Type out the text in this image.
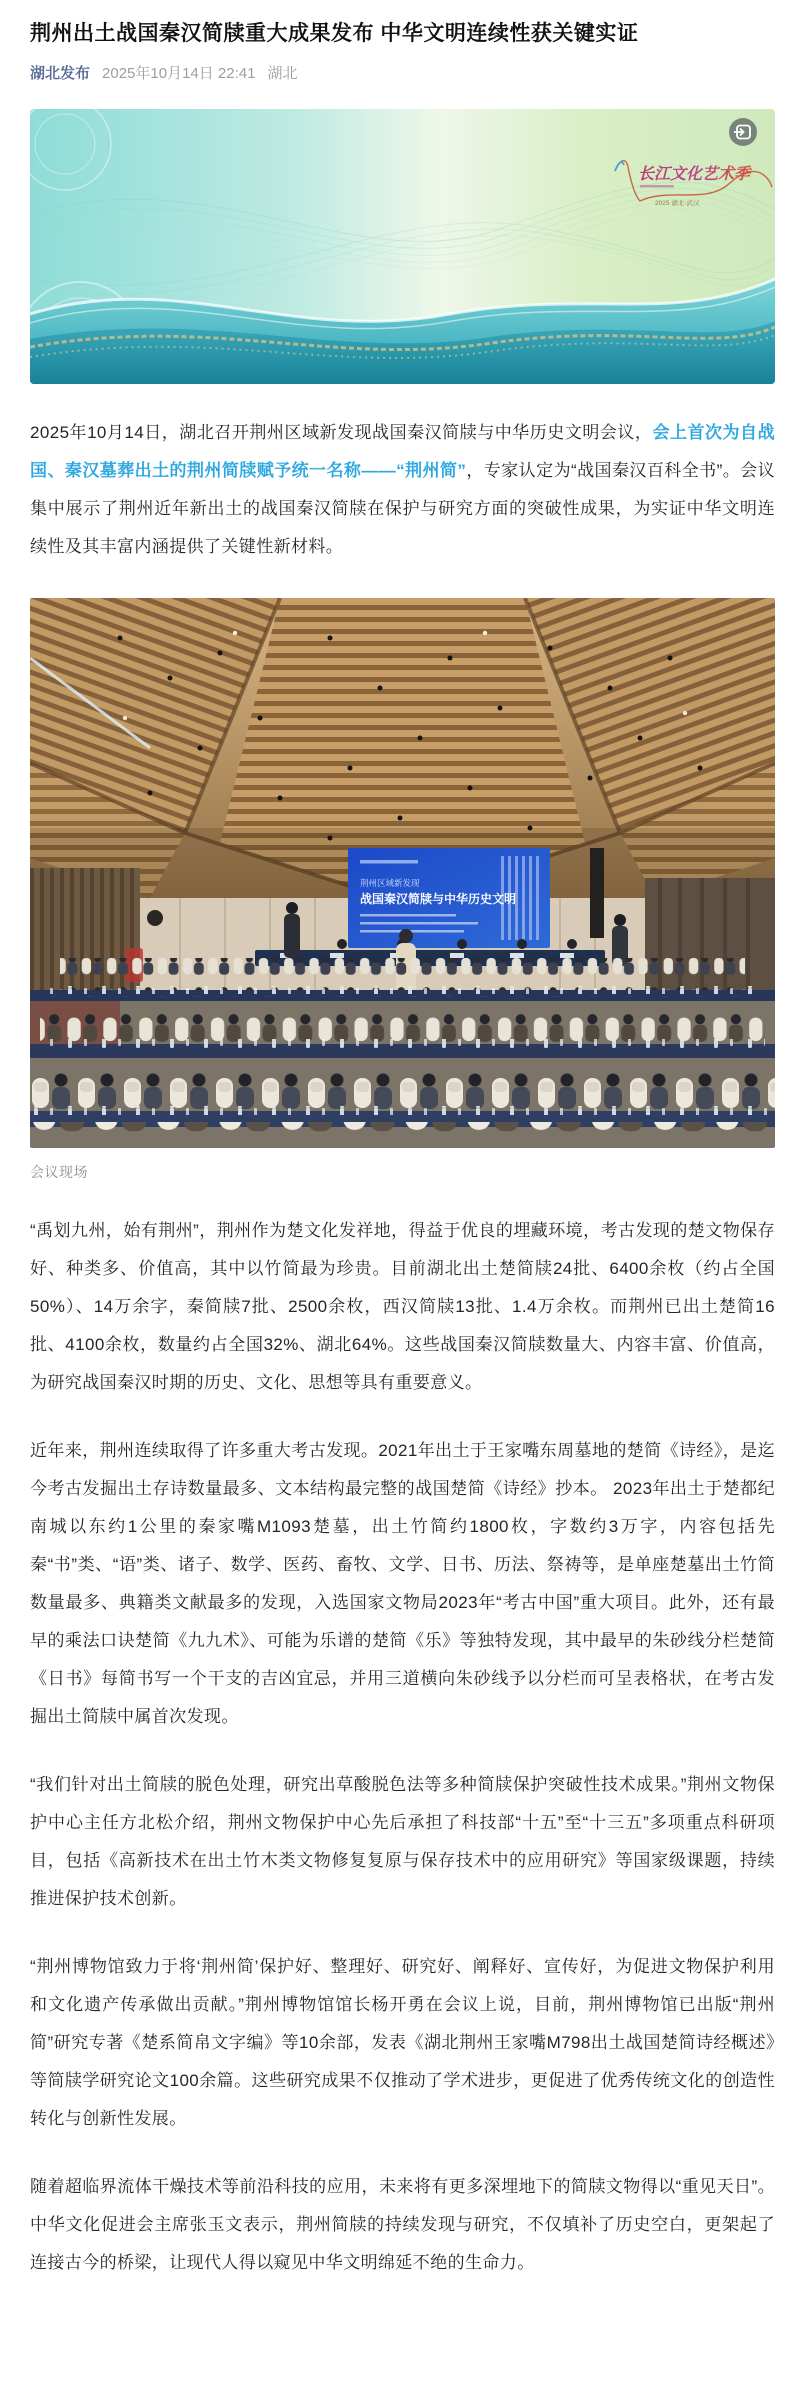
荆州出土战国秦汉简牍重大成果发布 中华文明连续性获关键实证
湖北发布 2025年10月14日 22:41 湖北
长江文化艺术季
2025 湖北·武汉

2025年10月14日，湖北召开荆州区域新发现战国秦汉简牍与中华历史文明会议，会上首次为自战国、秦汉墓葬出土的荆州简牍赋予统一名称——“荆州简”，专家认定为“战国秦汉百科全书”。会议集中展示了荆州近年新出土的战国秦汉简牍在保护与研究方面的突破性成果，为实证中华文明连续性及其丰富内涵提供了关键性新材料。

荆州区域新发现
战国秦汉简牍与中华历史文明
会议现场

“禹划九州，始有荆州”，荆州作为楚文化发祥地，得益于优良的埋藏环境，考古发现的楚文物保存好、种类多、价值高，其中以竹简最为珍贵。目前湖北出土楚简牍24批、6400余枚（约占全国50%）、14万余字，秦简牍7批、2500余枚，西汉简牍13批、1.4万余枚。而荆州已出土楚简16批、4100余枚，数量约占全国32%、湖北64%。这些战国秦汉简牍数量大、内容丰富、价值高，为研究战国秦汉时期的历史、文化、思想等具有重要意义。

近年来，荆州连续取得了许多重大考古发现。2021年出土于王家嘴东周墓地的楚简《诗经》，是迄今考古发掘出土存诗数量最多、文本结构最完整的战国楚简《诗经》抄本。 2023年出土于楚都纪南城以东约1公里的秦家嘴M1093楚墓，出土竹简约1800枚，字数约3万字，内容包括先秦“书”类、“语”类、诸子、数学、医药、畜牧、文学、日书、历法、祭祷等，是单座楚墓出土竹简数量最多、典籍类文献最多的发现，入选国家文物局2023年“考古中国”重大项目。此外，还有最早的乘法口诀楚简《九九术》、可能为乐谱的楚简《乐》等独特发现，其中最早的朱砂线分栏楚简《日书》每简书写一个干支的吉凶宜忌，并用三道横向朱砂线予以分栏而可呈表格状，在考古发掘出土简牍中属首次发现。

“我们针对出土简牍的脱色处理，研究出草酸脱色法等多种简牍保护突破性技术成果。”荆州文物保护中心主任方北松介绍，荆州文物保护中心先后承担了科技部“十五”至“十三五”多项重点科研项目，包括《高新技术在出土竹木类文物修复复原与保存技术中的应用研究》等国家级课题，持续推进保护技术创新。

“荆州博物馆致力于将‘荆州简’保护好、整理好、研究好、阐释好、宣传好，为促进文物保护利用和文化遗产传承做出贡献。”荆州博物馆馆长杨开勇在会议上说，目前，荆州博物馆已出版“荆州简”研究专著《楚系简帛文字编》等10余部，发表《湖北荆州王家嘴M798出土战国楚简诗经概述》等简牍学研究论文100余篇。这些研究成果不仅推动了学术进步，更促进了优秀传统文化的创造性转化与创新性发展。

随着超临界流体干燥技术等前沿科技的应用，未来将有更多深埋地下的简牍文物得以“重见天日”。中华文化促进会主席张玉文表示，荆州简牍的持续发现与研究，不仅填补了历史空白，更架起了连接古今的桥梁，让现代人得以窥见中华文明绵延不绝的生命力。
